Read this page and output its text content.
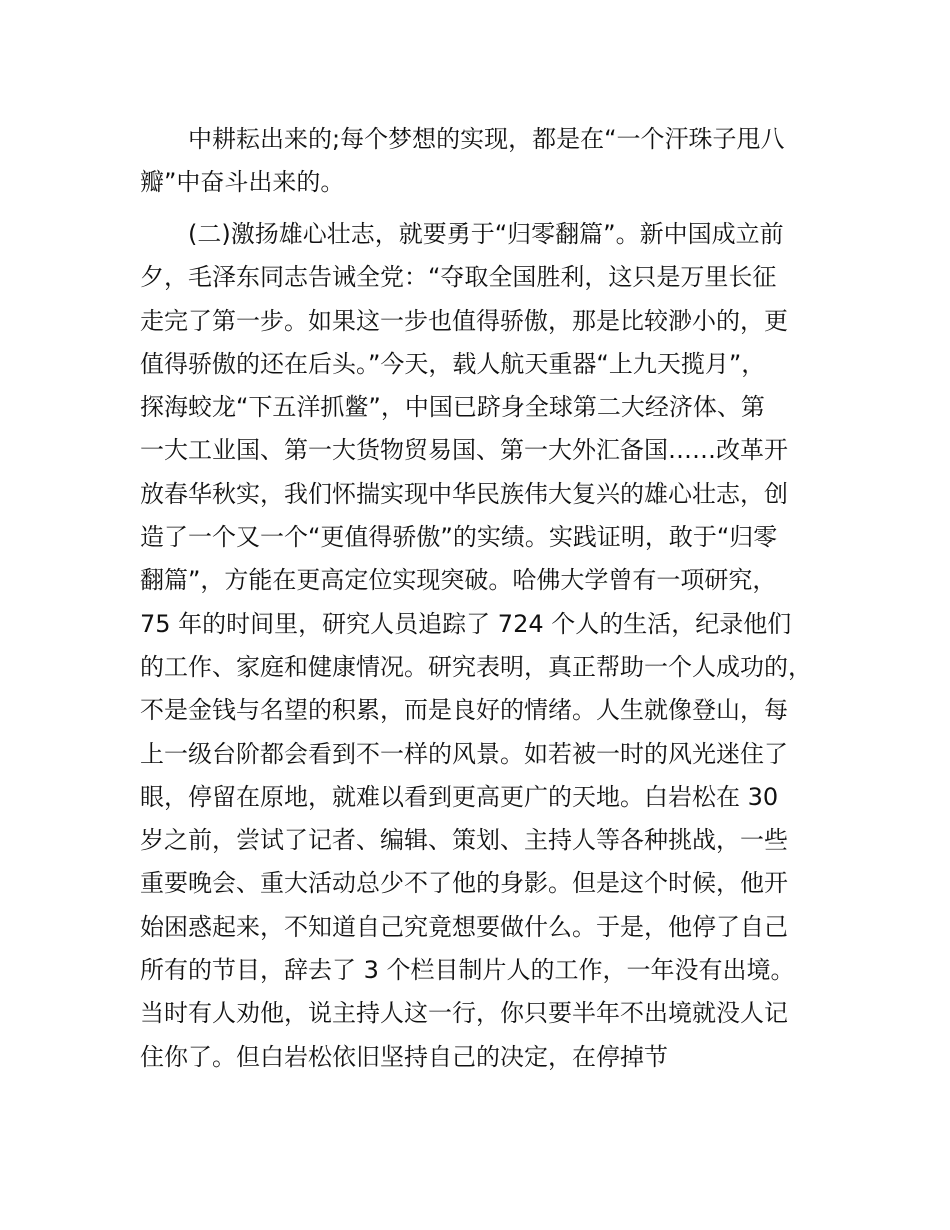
中耕耘出来的;每个梦想的实现，都是在“一个汗珠子甩八
瓣”中奋斗出来的。
(二)激扬雄心壮志，就要勇于“归零翻篇”。新中国成立前
夕，毛泽东同志告诫全党：“夺取全国胜利，这只是万里长征
走完了第一步。如果这一步也值得骄傲，那是比较渺小的，更
值得骄傲的还在后头。”今天，载人航天重器“上九天揽月”，
探海蛟龙“下五洋抓鳖”，中国已跻身全球第二大经济体、第
一大工业国、第一大货物贸易国、第一大外汇备国……改革开
放春华秋实，我们怀揣实现中华民族伟大复兴的雄心壮志，创
造了一个又一个“更值得骄傲”的实绩。实践证明，敢于“归零
翻篇”，方能在更高定位实现突破。哈佛大学曾有一项研究，
75 年的时间里，研究人员追踪了 724 个人的生活，纪录他们
的工作、家庭和健康情况。研究表明，真正帮助一个人成功的，
不是金钱与名望的积累，而是良好的情绪。人生就像登山，每
上一级台阶都会看到不一样的风景。如若被一时的风光迷住了
眼，停留在原地，就难以看到更高更广的天地。白岩松在 30
岁之前，尝试了记者、编辑、策划、主持人等各种挑战，一些
重要晚会、重大活动总少不了他的身影。但是这个时候，他开
始困惑起来，不知道自己究竟想要做什么。于是，他停了自己
所有的节目，辞去了 3 个栏目制片人的工作，一年没有出境。
当时有人劝他，说主持人这一行，你只要半年不出境就没人记
住你了。但白岩松依旧坚持自己的决定，在停掉节
